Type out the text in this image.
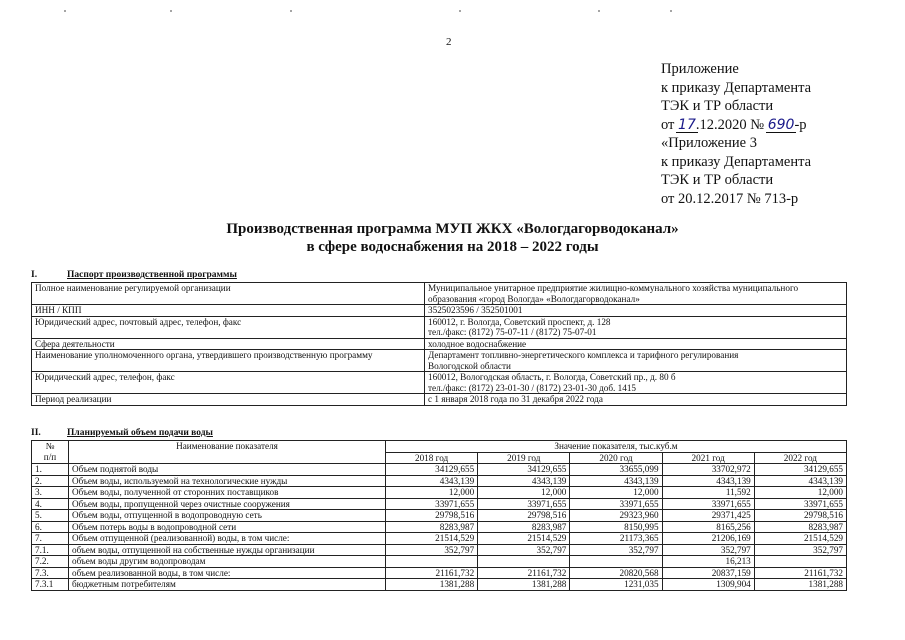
2
Приложение
к приказу Департамента
ТЭК и ТР области
от 17.12.2020 № 690-р
«Приложение 3
к приказу Департамента
ТЭК и ТР области
от 20.12.2017 № 713-р
Производственная программа МУП ЖКХ «Вологдагорводоканал»
в сфере водоснабжения на 2018 – 2022 годы
I.	Паспорт производственной программы
Полное наименование регулируемой организации	Муниципальное унитарное предприятие жилищно-коммунального хозяйства муниципального
образования «город Вологда» «Вологдагорводоканал»

ИНН / КПП	3525023596 / 352501001
Юридический адрес, почтовый адрес, телефон, факс	160012, г. Вологда, Советский проспект, д. 128
тел./факс: (8172) 75-07-11 / (8172) 75-07-01

Сфера деятельности	холодное водоснабжение
Наименование уполномоченного органа, утвердившего производственную программу	Департамент топливно-энергетического комплекса и тарифного регулирования
Вологодской области

Юридический адрес, телефон, факс	160012, Вологодская область, г. Вологда, Советский пр., д. 80 б
тел./факс: (8172) 23-01-30 / (8172) 23-01-30 доб. 1415

Период реализации	с 1 января 2018 года по 31 декабря 2022 года
II.	Планируемый объем подачи воды
№
п/п	Наименование показателя	Значение показателя, тыс.куб.м				
		2018 год	2019 год	2020 год	2021 год	2022 год
1.	Объем поднятой воды	34129,655	34129,655	33655,099	33702,972	34129,655
2.	Объем воды, используемой на технологические нужды	4343,139	4343,139	4343,139	4343,139	4343,139
3.	Объем воды, полученной от сторонних поставщиков	12,000	12,000	12,000	11,592	12,000
4.	Объем воды, пропущенной через очистные сооружения	33971,655	33971,655	33971,655	33971,655	33971,655
5.	Объем воды, отпущенной в водопроводную сеть	29798,516	29798,516	29323,960	29371,425	29798,516
6.	Объем потерь воды в водопроводной сети	8283,987	8283,987	8150,995	8165,256	8283,987
7.	Объем отпущенной (реализованной) воды, в том числе:	21514,529	21514,529	21173,365	21206,169	21514,529
7.1.	объем воды, отпущенной на собственные нужды организации	352,797	352,797	352,797	352,797	352,797
7.2.	объем воды другим водопроводам				16,213	
7.3.	объем реализованной воды, в том числе:	21161,732	21161,732	20820,568	20837,159	21161,732
7.3.1	бюджетным потребителям	1381,288	1381,288	1231,035	1309,904	1381,288
